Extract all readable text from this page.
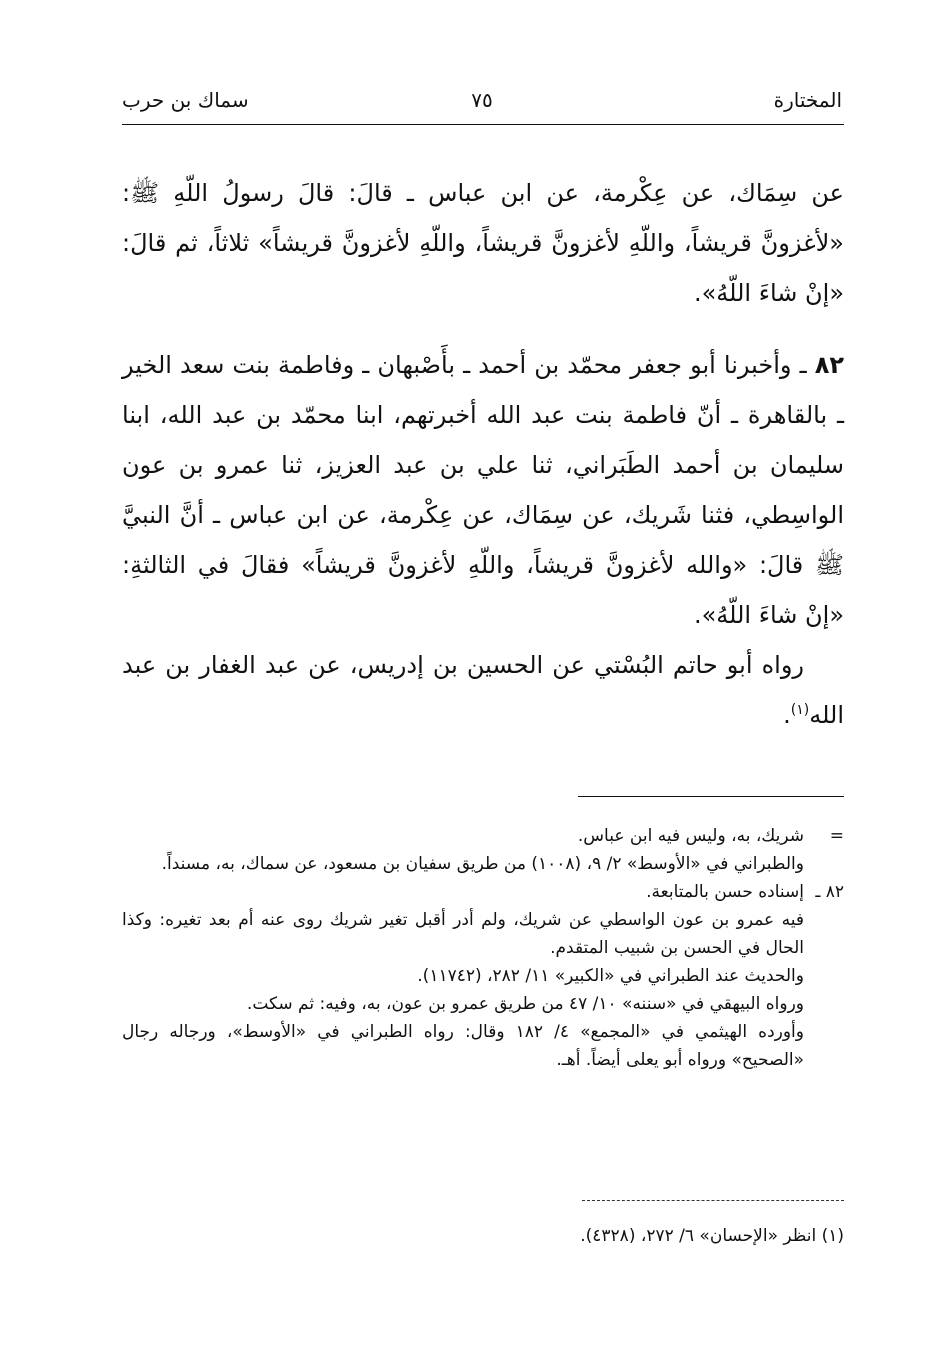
المختارة
٧٥
سماك بن حرب

عن سِمَاك، عن عِكْرمة، عن ابن عباس ـ قالَ: قالَ رسولُ اللّهِ ﷺ: «لأغزونَّ قريشاً، واللّهِ لأغزونَّ قريشاً، واللّهِ لأغزونَّ قريشاً» ثلاثاً، ثم قالَ: «إنْ شاءَ اللّهُ».

٨٢ ـ وأخبرنا أبو جعفر محمّد بن أحمد ـ بأَصْبهان ـ وفاطمة بنت سعد الخير ـ بالقاهرة ـ أنّ فاطمة بنت عبد الله أخبرتهم، ابنا محمّد بن عبد الله، ابنا سليمان بن أحمد الطَبَراني، ثنا علي بن عبد العزيز، ثنا عمرو بن عون الواسِطي، فثنا شَريك، عن سِمَاك، عن عِكْرمة، عن ابن عباس ـ أنَّ النبيَّ ﷺ قالَ: «والله لأغزونَّ قريشاً، واللّهِ لأغزونَّ قريشاً» فقالَ في الثالثةِ: «إنْ شاءَ اللّهُ».

رواه أبو حاتم البُسْتي عن الحسين بن إدريس، عن عبد الغفار بن عبد الله$^{(١)}$.

=
شريك، به، وليس فيه ابن عباس.
والطبراني في «الأوسط» ٢/ ٩، (١٠٠٨) من طريق سفيان بن مسعود، عن سماك، به، مسنداً.
٨٢ ـ
إسناده حسن بالمتابعة.
فيه عمرو بن عون الواسطي عن شريك، ولم أدر أقبل تغير شريك روى عنه أم بعد تغيره: وكذا الحال في الحسن بن شبيب المتقدم.
والحديث عند الطبراني في «الكبير» ١١/ ٢٨٢، (١١٧٤٢).
ورواه البيهقي في «سننه» ١٠/ ٤٧ من طريق عمرو بن عون، به، وفيه: ثم سكت.
وأورده الهيثمي في «المجمع» ٤/ ١٨٢ وقال: رواه الطبراني في «الأوسط»، ورجاله رجال «الصحيح» ورواه أبو يعلى أيضاً. أهـ.
(١) انظر «الإحسان» ٦/ ٢٧٢، (٤٣٢٨).
